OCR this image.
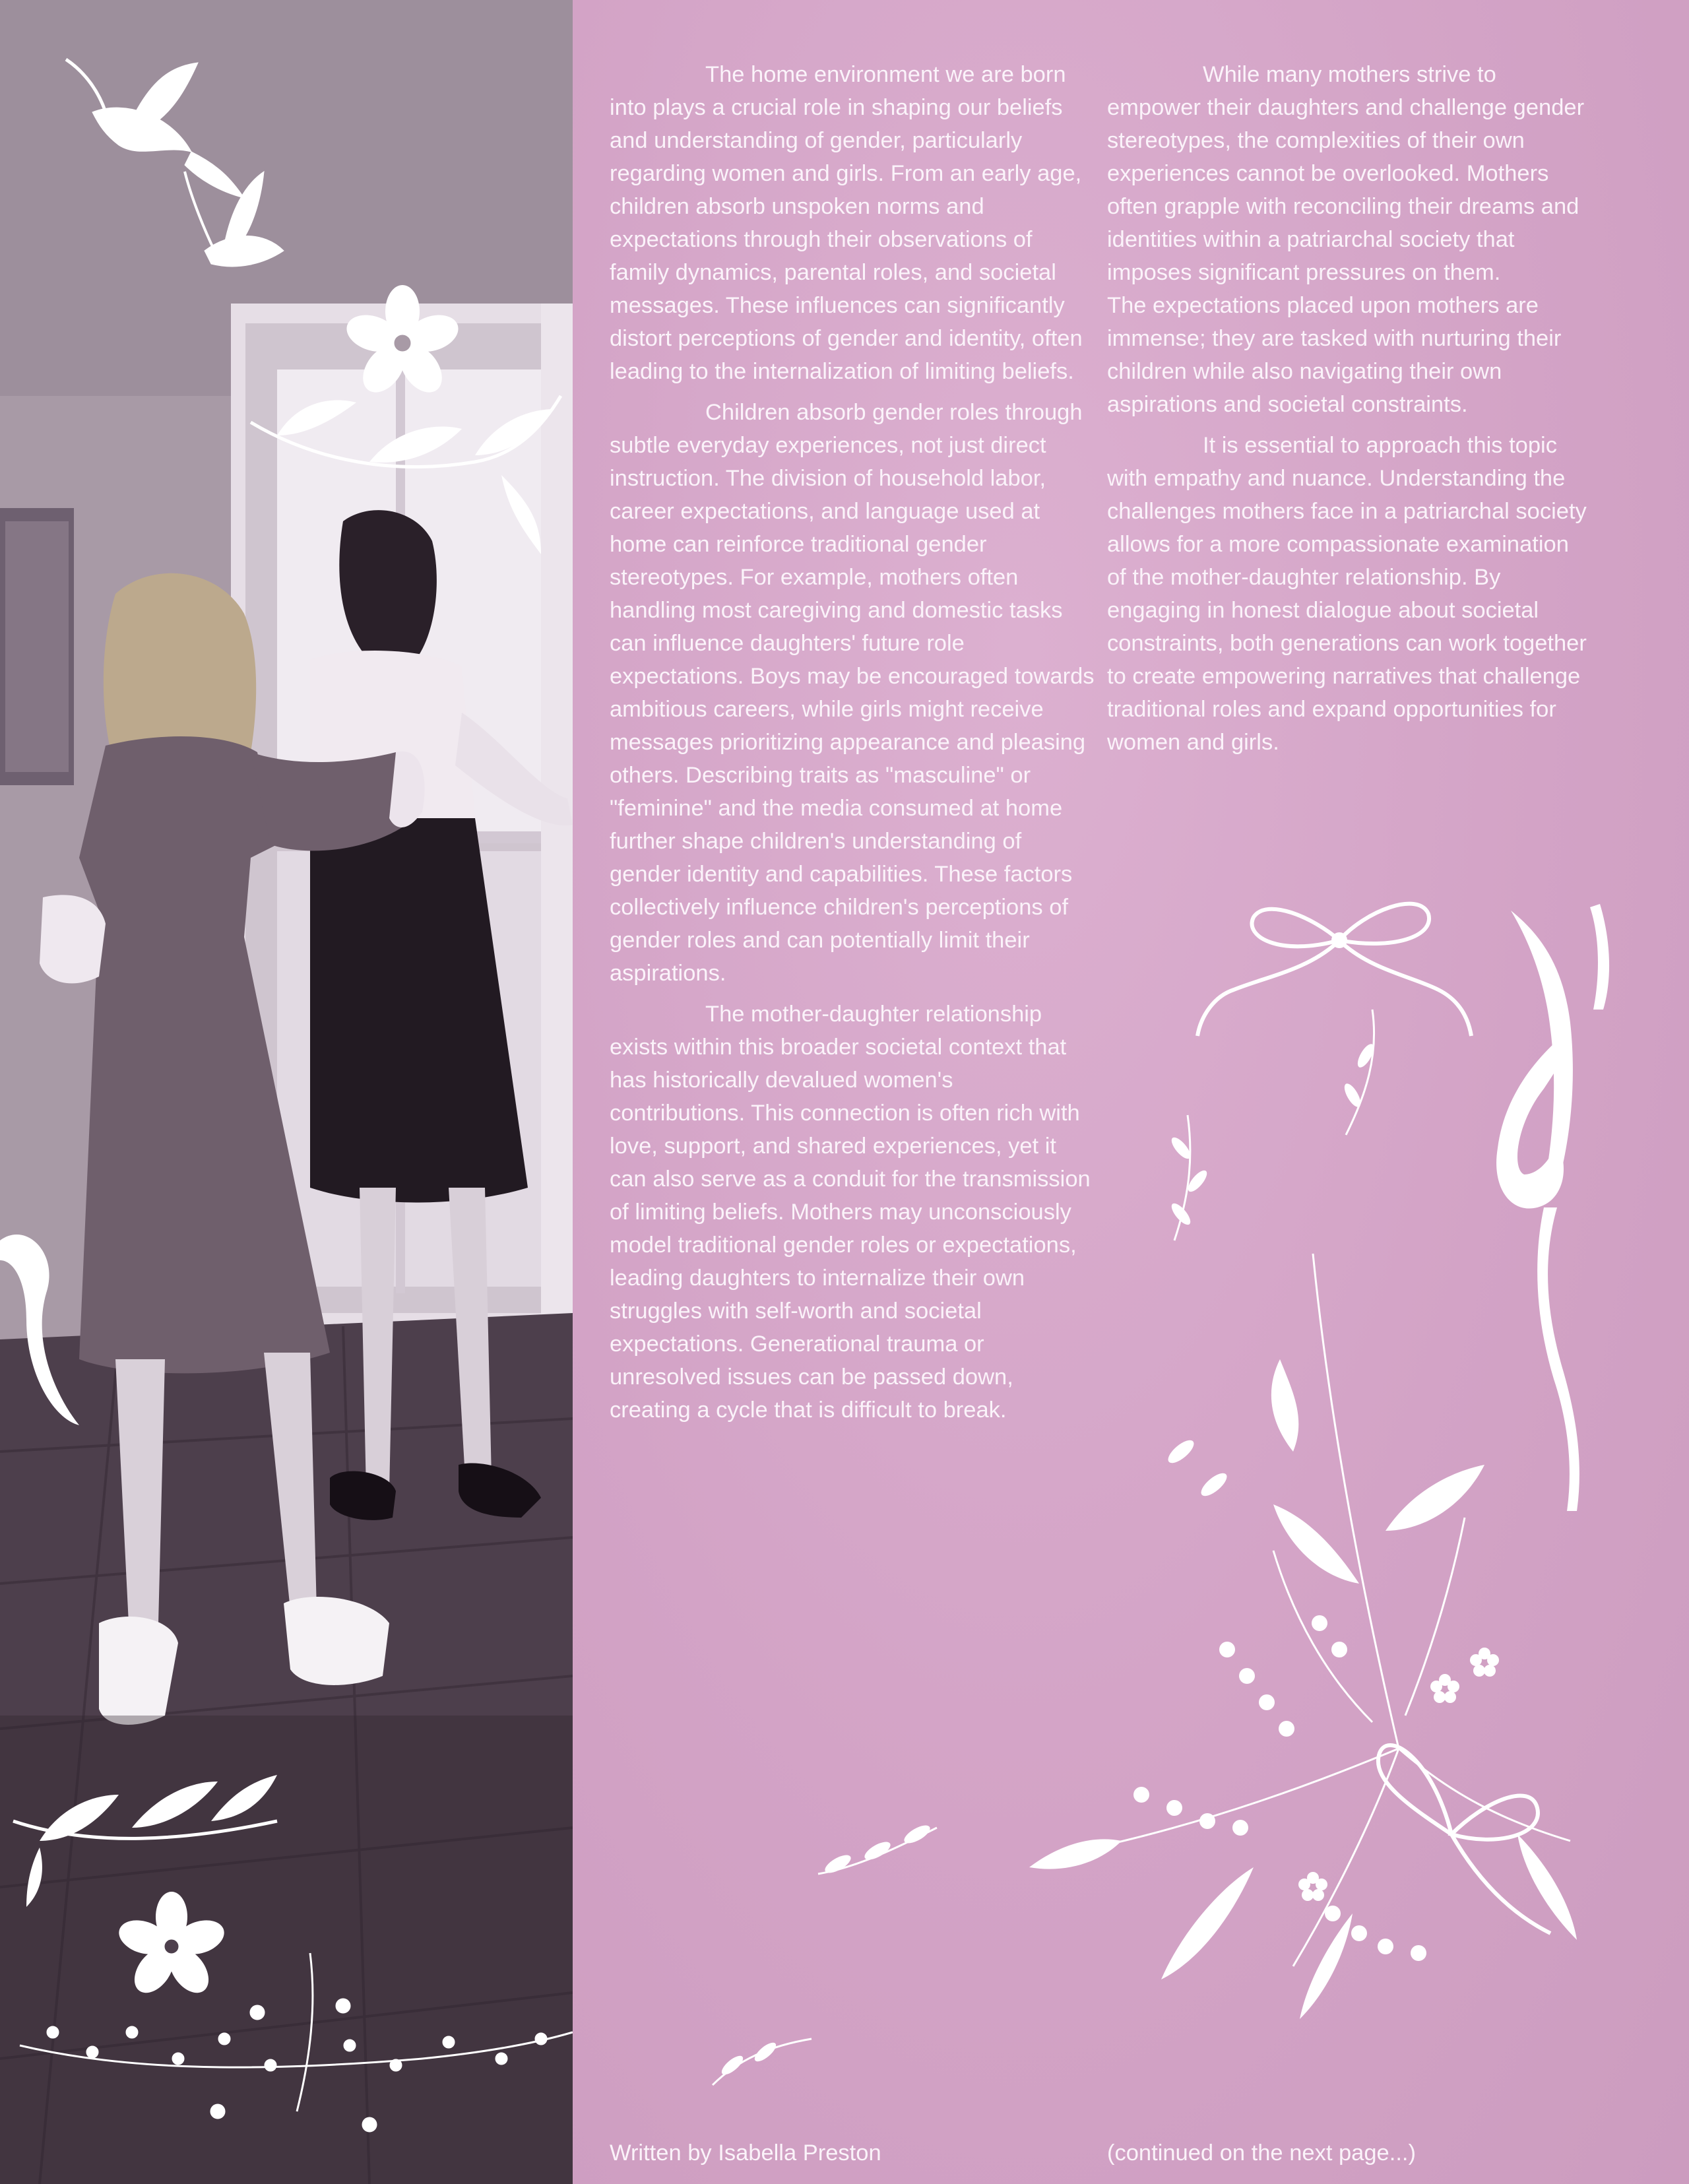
The home environment we are born into plays a crucial role in shaping our beliefs and understanding of gender, particularly regarding women and girls. From an early age, children absorb unspoken norms and expectations through their observations of family dynamics, parental roles, and societal messages. These influences can significantly distort perceptions of gender and identity, often leading to the internalization of limiting beliefs.

Children absorb gender roles through subtle everyday experiences, not just direct instruction. The division of household labor, career expectations, and language used at home can reinforce traditional gender stereotypes. For example, mothers often handling most caregiving and domestic tasks can influence daughters' future role expectations. Boys may be encouraged towards ambitious careers, while girls might receive messages prioritizing appearance and pleasing others. Describing traits as "masculine" or "feminine" and the media consumed at home further shape children's understanding of gender identity and capabilities. These factors collectively influence children's perceptions of gender roles and can potentially limit their aspirations.

The mother-daughter relationship exists within this broader societal context that has historically devalued women's contributions. This connection is often rich with love, support, and shared experiences, yet it can also serve as a conduit for the transmission of limiting beliefs. Mothers may unconsciously model traditional gender roles or expectations, leading daughters to internalize their own struggles with self-worth and societal expectations. Generational trauma or unresolved issues can be passed down, creating a cycle that is difficult to break.

While many mothers strive to empower their daughters and challenge gender stereotypes, the complexities of their own experiences cannot be overlooked. Mothers often grapple with reconciling their dreams and identities within a patriarchal society that imposes significant pressures on them.

The expectations placed upon mothers are immense; they are tasked with nurturing their children while also navigating their own aspirations and societal constraints.

It is essential to approach this topic with empathy and nuance. Understanding the challenges mothers face in a patriarchal society allows for a more compassionate examination of the mother-daughter relationship. By engaging in honest dialogue about societal constraints, both generations can work together to create empowering narratives that challenge traditional roles and expand opportunities for women and girls.

Written by Isabella Preston	(continued on the next page...)
